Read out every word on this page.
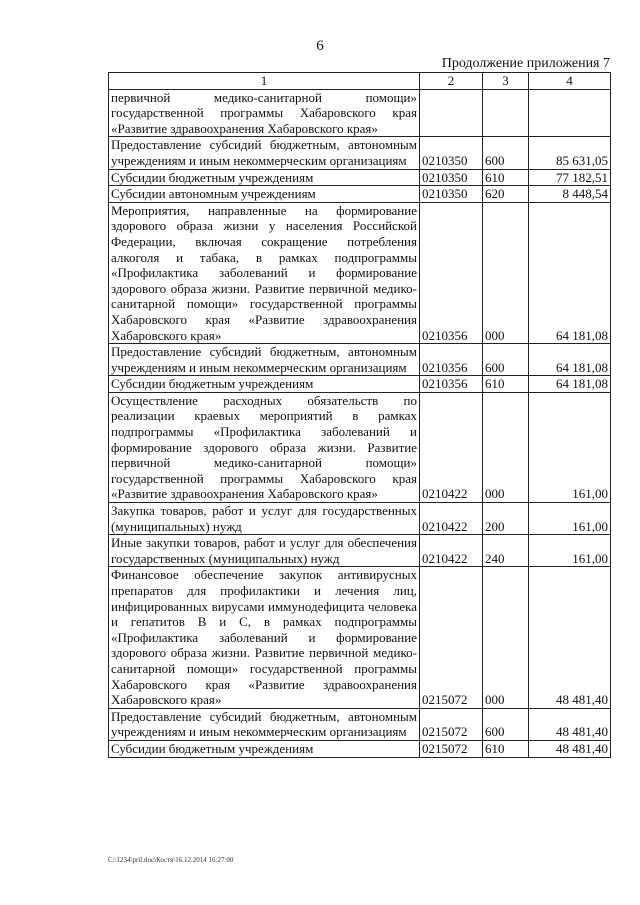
6
Продолжение приложения 7
1	2	3	4
первичной медико-санитарной помощи» государственной программы Хабаровского края «Развитие здравоохранения Хабаровского края»			
Предоставление субсидий бюджетным, автономным учреждениям и иным некоммерческим организациям	0210350	600	85 631,05
Субсидии бюджетным учреждениям	0210350	610	77 182,51
Субсидии автономным учреждениям	0210350	620	8 448,54
Мероприятия, направленные на формирование здорового образа жизни у населения Российской Федерации, включая сокращение потребления алкоголя и табака, в рамках подпрограммы «Профилактика заболеваний и формирование здорового образа жизни. Развитие первичной медико-санитарной помощи» государственной программы Хабаровского края «Развитие здравоохранения Хабаровского края»	0210356	000	64 181,08
Предоставление субсидий бюджетным, автономным учреждениям и иным некоммерческим организациям	0210356	600	64 181,08
Субсидии бюджетным учреждениям	0210356	610	64 181,08
Осуществление расходных обязательств по реализации краевых мероприятий в рамках подпрограммы «Профилактика заболеваний и формирование здорового образа жизни. Развитие первичной медико-санитарной помощи» государственной программы Хабаровского края «Развитие здравоохранения Хабаровского края»	0210422	000	161,00
Закупка товаров, работ и услуг для государственных (муниципальных) нужд	0210422	200	161,00
Иные закупки товаров, работ и услуг для обеспечения государственных (муниципальных) нужд	0210422	240	161,00
Финансовое обеспечение закупок антивирусных препаратов для профилактики и лечения лиц, инфицированных вирусами иммунодефицита человека и гепатитов B и C, в рамках подпрограммы «Профилактика заболеваний и формирование здорового образа жизни. Развитие первичной медико-санитарной помощи» государственной программы Хабаровского края «Развитие здравоохранения Хабаровского края»	0215072	000	48 481,40
Предоставление субсидий бюджетным, автономным учреждениям и иным некоммерческим организациям	0215072	600	48 481,40
Субсидии бюджетным учреждениям	0215072	610	48 481,40
C:\1234\pril.doc\Костя\16.12.2014 16:27:00
